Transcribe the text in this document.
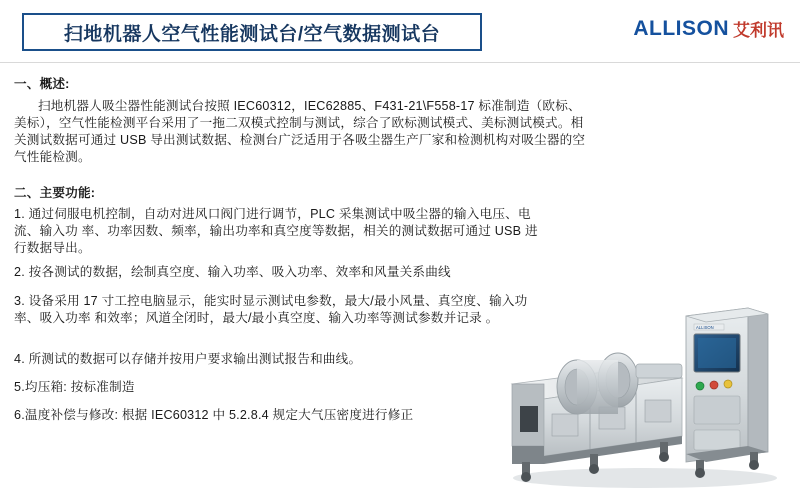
扫地机器人空气性能测试台/空气数据测试台	ALLISON 艾利讯
一、概述:
扫地机器人吸尘器性能测试台按照 IEC60312，IEC62885、F431-21\F558-17 标准制造（欧标、美标），空气性能检测平台采用了一拖二双模式控制与测试，综合了欧标测试模式、美标测试模式。相关测试数据可通过 USB 导出测试数据、检测台广泛适用于各吸尘器生产厂家和检测机构对吸尘器的空气性能检测。
二、主要功能:
1. 通过伺服电机控制，自动对进风口阀门进行调节，PLC 采集测试中吸尘器的输入电压、电流、输入功 率、功率因数、频率，输出功率和真空度等数据，相关的测试数据可通过 USB 进行数据导出。
2. 按各测试的数据，绘制真空度、输入功率、吸入功率、效率和风量关系曲线
3. 设备采用 17 寸工控电脑显示，能实时显示测试电参数，最大/最小风量、真空度、输入功率、吸入功率 和效率；风道全闭时，最大/最小真空度、输入功率等测试参数并记录 。
4. 所测试的数据可以存储并按用户要求输出测试报告和曲线。
5.均压箱: 按标准制造
6.温度补偿与修改: 根据 IEC60312 中 5.2.8.4 规定大气压密度进行修正
ALLISON
